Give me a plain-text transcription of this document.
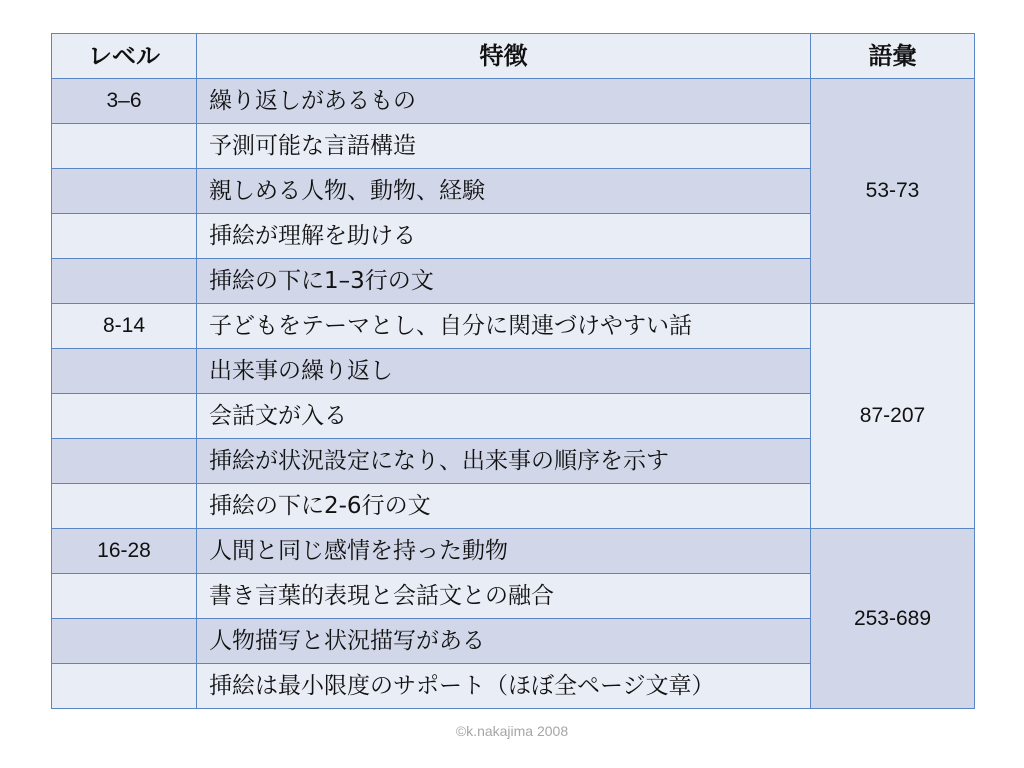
レベル	特徴	語彙
3–6	繰り返しがあるもの	53-73
	予測可能な言語構造	
	親しめる人物、動物、経験	
	挿絵が理解を助ける	
	挿絵の下に1–3行の文	
8-14	子どもをテーマとし、自分に関連づけやすい話	87-207
	出来事の繰り返し	
	会話文が入る	
	挿絵が状況設定になり、出来事の順序を示す	
	挿絵の下に2-6行の文	
16-28	人間と同じ感情を持った動物	253-689
	書き言葉的表現と会話文との融合	
	人物描写と状況描写がある	
	挿絵は最小限度のサポート（ほぼ全ページ文章）	
©k.nakajima 2008
